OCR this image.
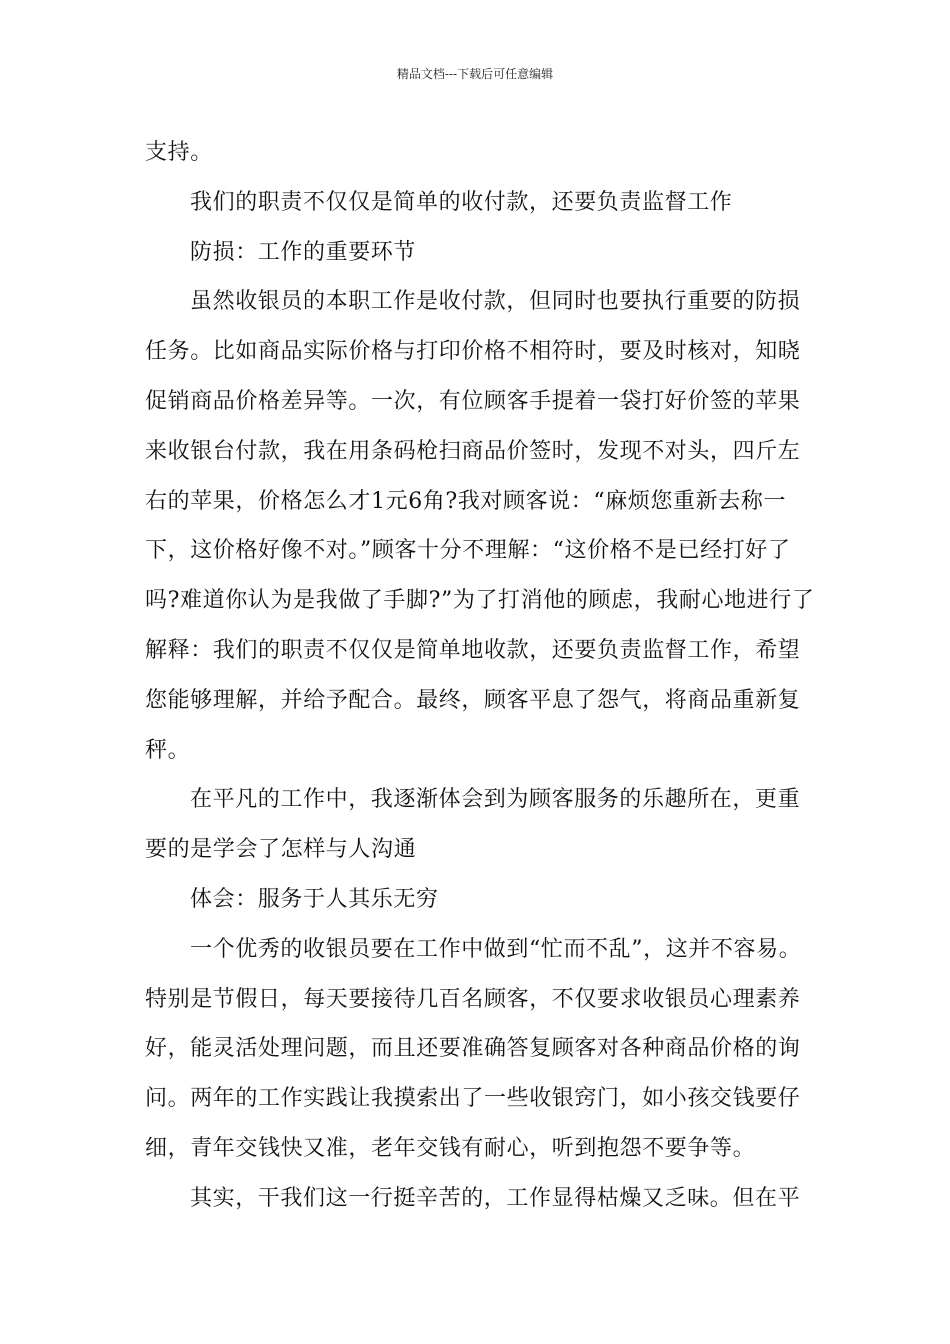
精品文档---下载后可任意编辑

支持。

我们的职责不仅仅是简单的收付款，还要负责监督工作

防损：工作的重要环节

虽然收银员的本职工作是收付款，但同时也要执行重要的防损任务。比如商品实际价格与打印价格不相符时，要及时核对，知晓促销商品价格差异等。一次，有位顾客手提着一袋打好价签的苹果来收银台付款，我在用条码枪扫商品价签时，发现不对头，四斤左右的苹果，价格怎么才1元6角?我对顾客说：“麻烦您重新去称一下，这价格好像不对。”顾客十分不理解：“这价格不是已经打好了吗?难道你认为是我做了手脚?”为了打消他的顾虑，我耐心地进行了解释：我们的职责不仅仅是简单地收款，还要负责监督工作，希望您能够理解，并给予配合。最终，顾客平息了怨气，将商品重新复秤。

在平凡的工作中，我逐渐体会到为顾客服务的乐趣所在，更重要的是学会了怎样与人沟通

体会：服务于人其乐无穷

一个优秀的收银员要在工作中做到“忙而不乱”，这并不容易。特别是节假日，每天要接待几百名顾客，不仅要求收银员心理素养好，能灵活处理问题，而且还要准确答复顾客对各种商品价格的询问。两年的工作实践让我摸索出了一些收银窍门，如小孩交钱要仔细，青年交钱快又准，老年交钱有耐心，听到抱怨不要争等。

其实，干我们这一行挺辛苦的，工作显得枯燥又乏味。但在平
